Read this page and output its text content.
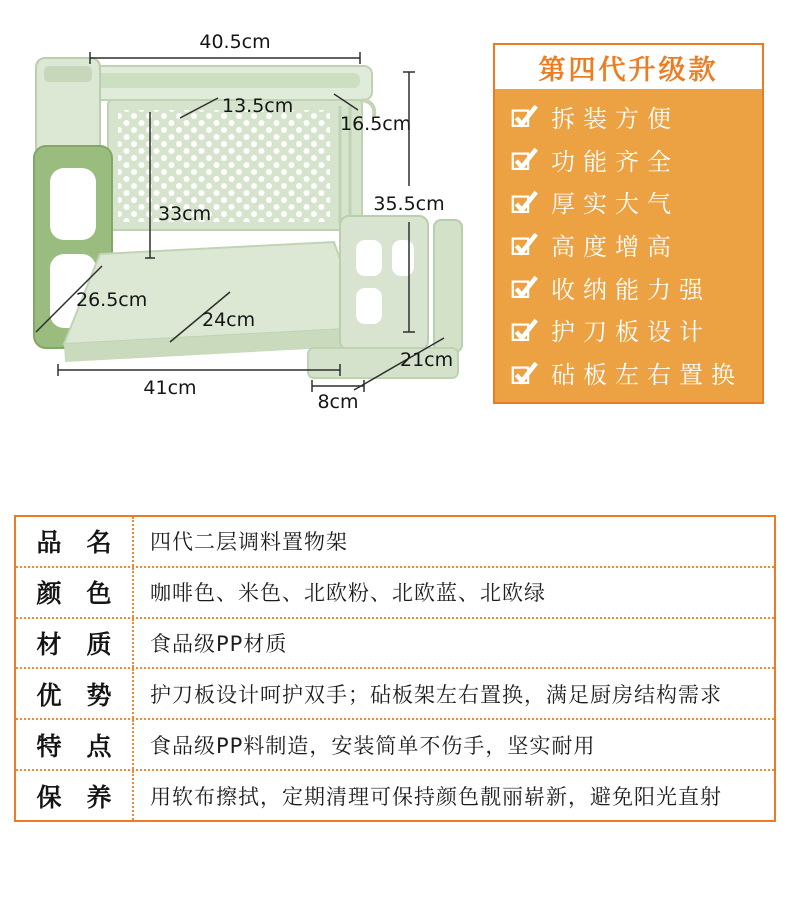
40.5cm
13.5cm
16.5cm
33cm	35.5cm
26.5cm
24cm
41cm
8cm
21cm
第四代升级款
拆装方便
功能齐全
厚实大气
高度增高
收纳能力强
护刀板设计
砧板左右置换
品　名	四代二层调料置物架
颜　色	咖啡色、米色、北欧粉、北欧蓝、北欧绿
材　质	食品级PP材质
优　势	护刀板设计呵护双手；砧板架左右置换，满足厨房结构需求
特　点	食品级PP料制造，安装简单不伤手，坚实耐用
保　养	用软布擦拭，定期清理可保持颜色靓丽崭新，避免阳光直射
